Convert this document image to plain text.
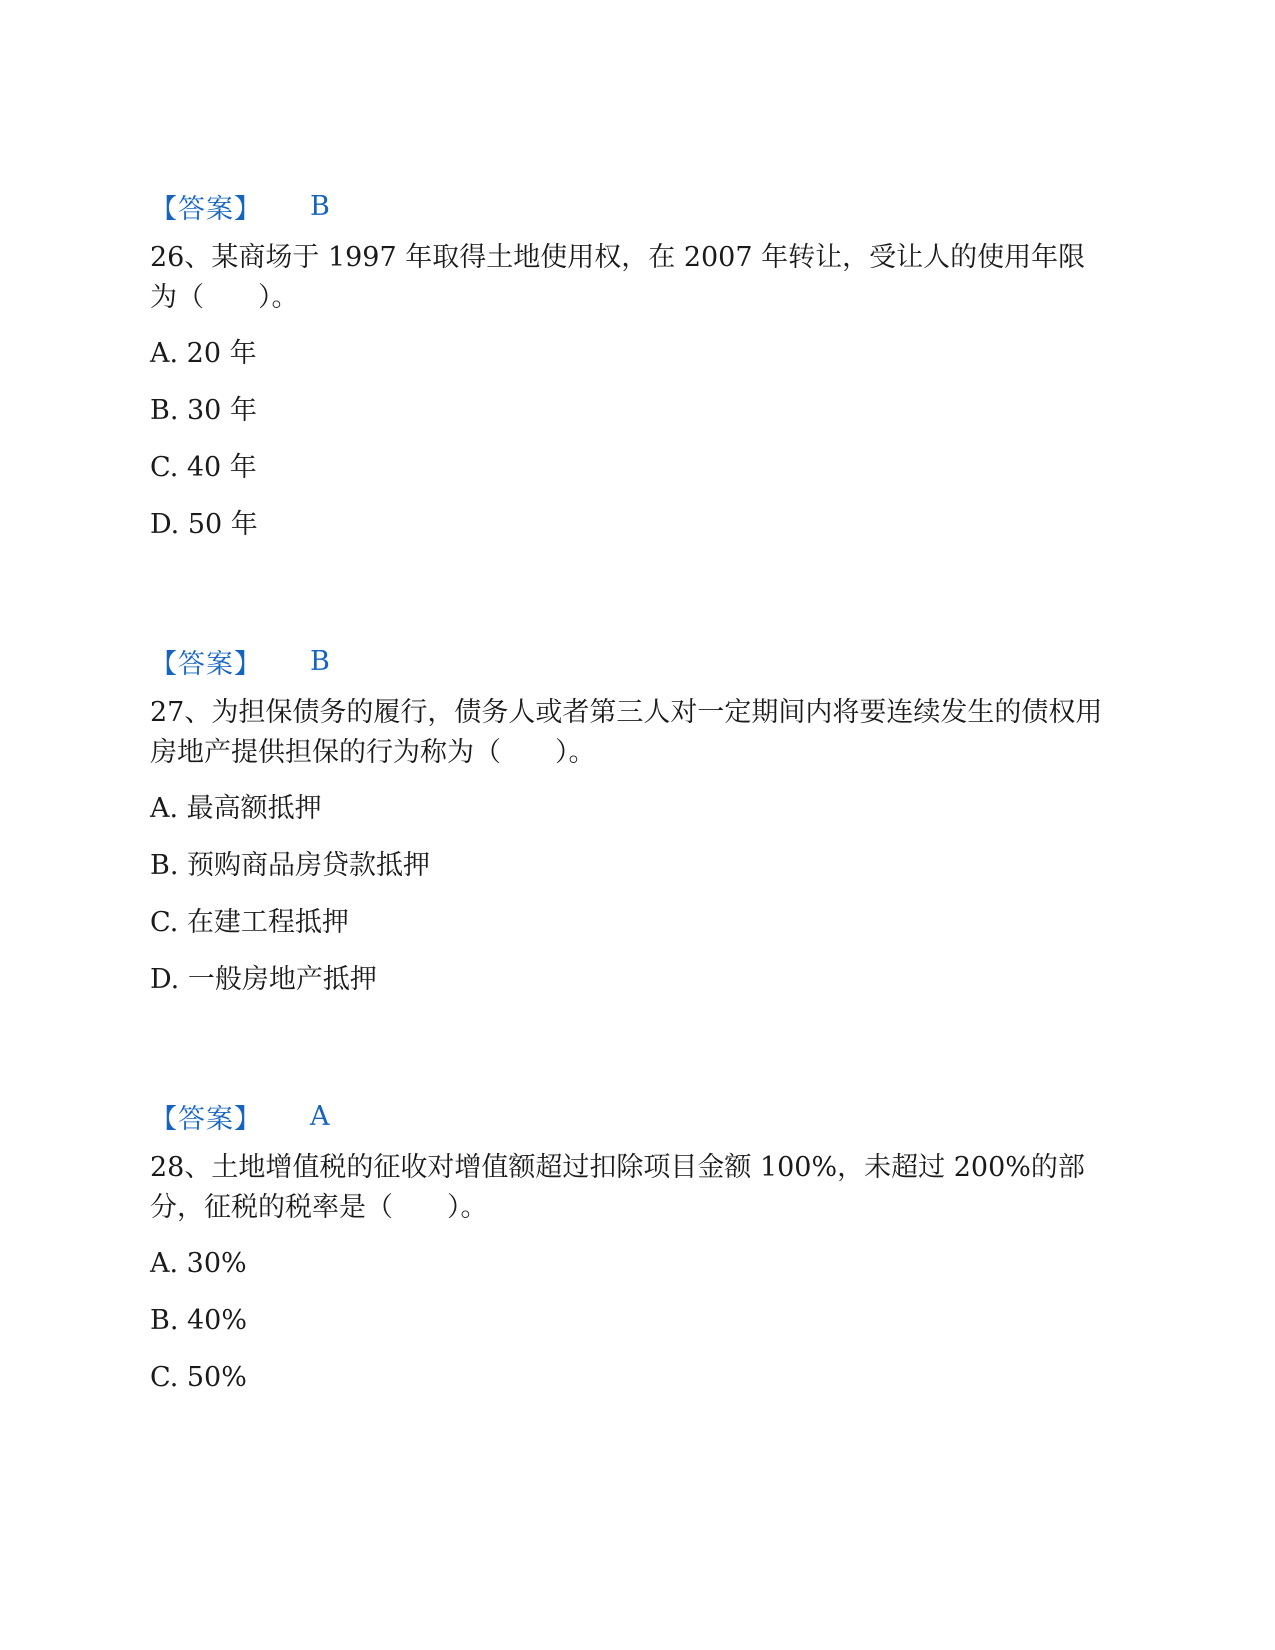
【答案】 B
26、某商场于 1997 年取得土地使用权，在 2007 年转让，受让人的使用年限为（　　）。
A. 20 年
B. 30 年
C. 40 年
D. 50 年
【答案】 B
27、为担保债务的履行，债务人或者第三人对一定期间内将要连续发生的债权用房地产提供担保的行为称为（　　）。
A. 最高额抵押
B. 预购商品房贷款抵押
C. 在建工程抵押
D. 一般房地产抵押
【答案】 A
28、土地增值税的征收对增值额超过扣除项目金额 100%，未超过 200%的部分，征税的税率是（　　）。
A. 30%
B. 40%
C. 50%
